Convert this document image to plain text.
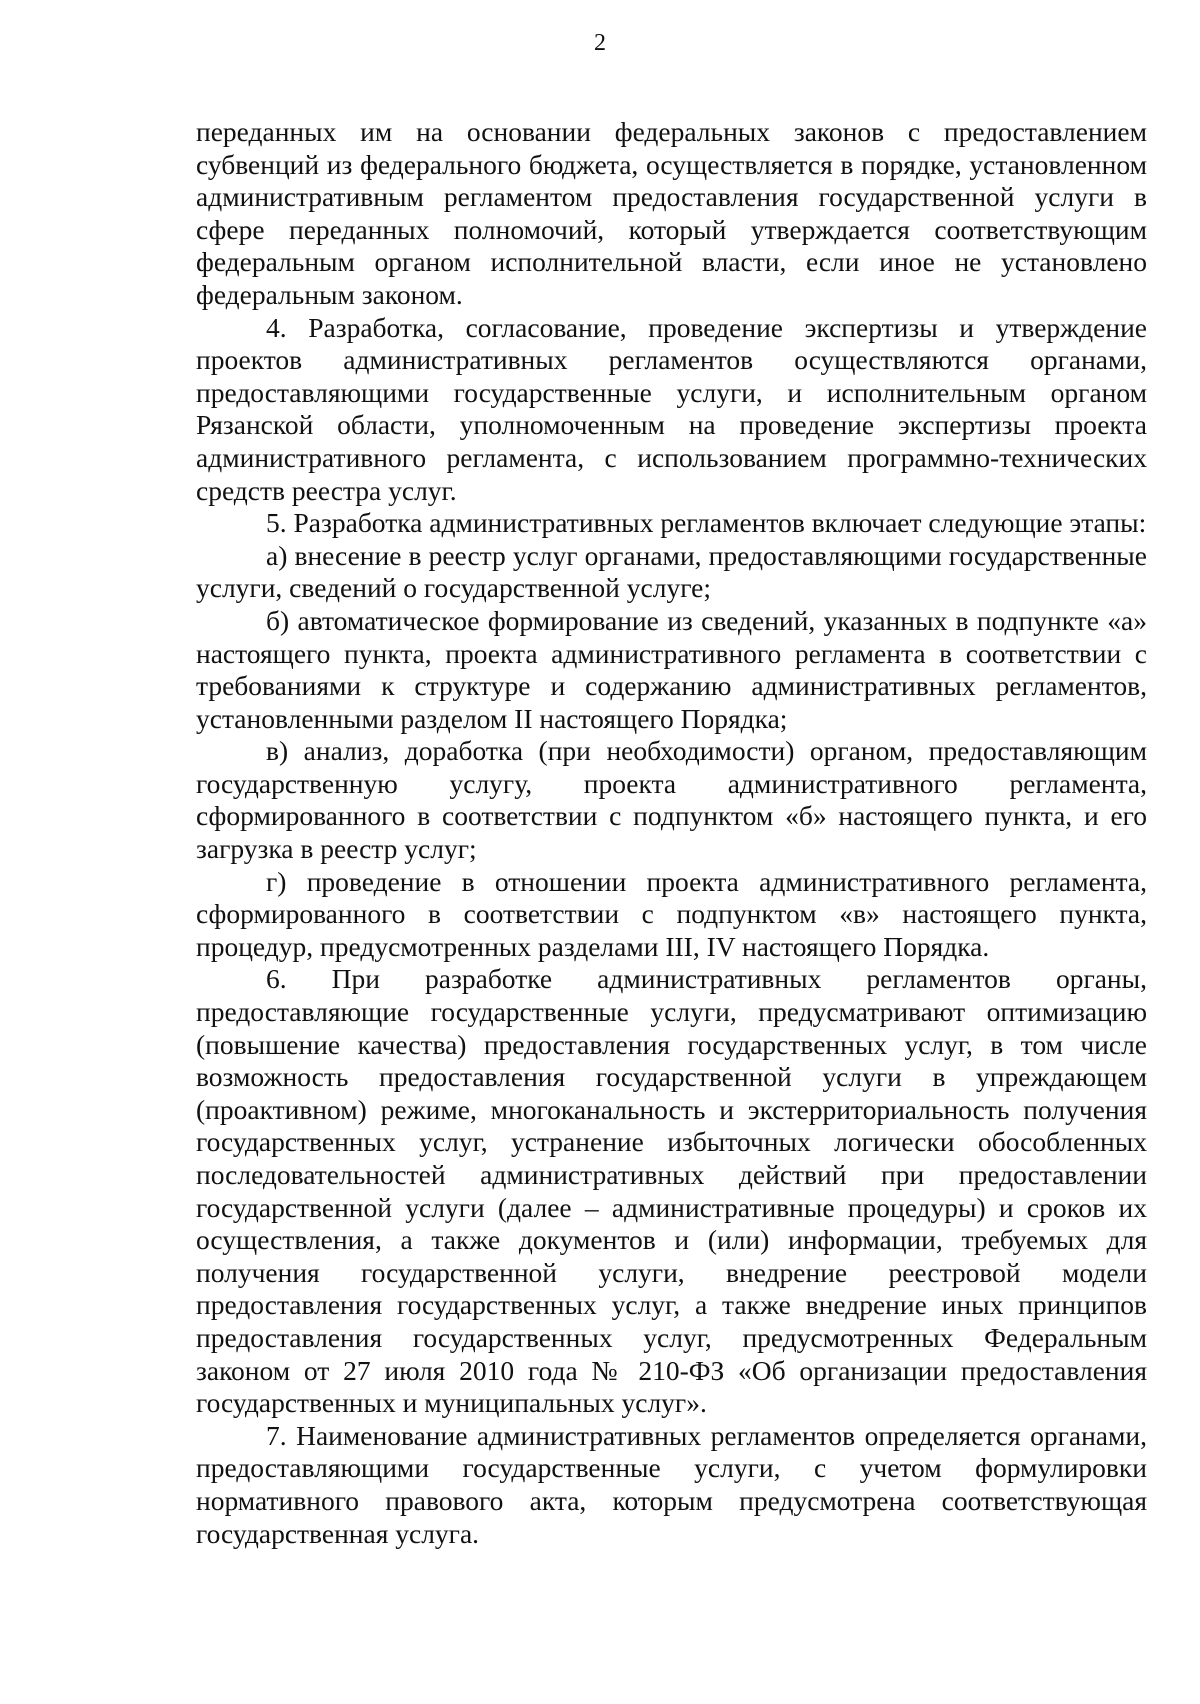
2

переданных им на основании федеральных законов с предоставлением субвенций из федерального бюджета, осуществляется в порядке, установленном административным регламентом предоставления государственной услуги в сфере переданных полномочий, который утверждается соответствующим федеральным органом исполнительной власти, если иное не установлено федеральным законом.

4. Разработка, согласование, проведение экспертизы и утверждение проектов административных регламентов осуществляются органами, предоставляющими государственные услуги, и исполнительным органом Рязанской области, уполномоченным на проведение экспертизы проекта административного регламента, с использованием программно-технических средств реестра услуг.

5. Разработка административных регламентов включает следующие этапы:

а) внесение в реестр услуг органами, предоставляющими государственные услуги, сведений о государственной услуге;

б) автоматическое формирование из сведений, указанных в подпункте «а» настоящего пункта, проекта административного регламента в соответствии с требованиями к структуре и содержанию административных регламентов, установленными разделом II настоящего Порядка;

в) анализ, доработка (при необходимости) органом, предоставляющим государственную услугу, проекта административного регламента, сформированного в соответствии с подпунктом «б» настоящего пункта, и его загрузка в реестр услуг;

г) проведение в отношении проекта административного регламента, сформированного в соответствии с подпунктом «в» настоящего пункта, процедур, предусмотренных разделами III, IV настоящего Порядка.

6. При разработке административных регламентов органы, предоставляющие государственные услуги, предусматривают оптимизацию (повышение качества) предоставления государственных услуг, в том числе возможность предоставления государственной услуги в упреждающем (проактивном) режиме, многоканальность и экстерриториальность получения государственных услуг, устранение избыточных логически обособленных последовательностей административных действий при предоставлении государственной услуги (далее – административные процедуры) и сроков их осуществления, а также документов и (или) информации, требуемых для получения государственной услуги, внедрение реестровой модели предоставления государственных услуг, а также внедрение иных принципов предоставления государственных услуг, предусмотренных Федеральным законом от 27 июля 2010 года № 210-ФЗ «Об организации предоставления государственных и муниципальных услуг».

7. Наименование административных регламентов определяется органами, предоставляющими государственные услуги, с учетом формулировки нормативного правового акта, которым предусмотрена соответствующая государственная услуга.
